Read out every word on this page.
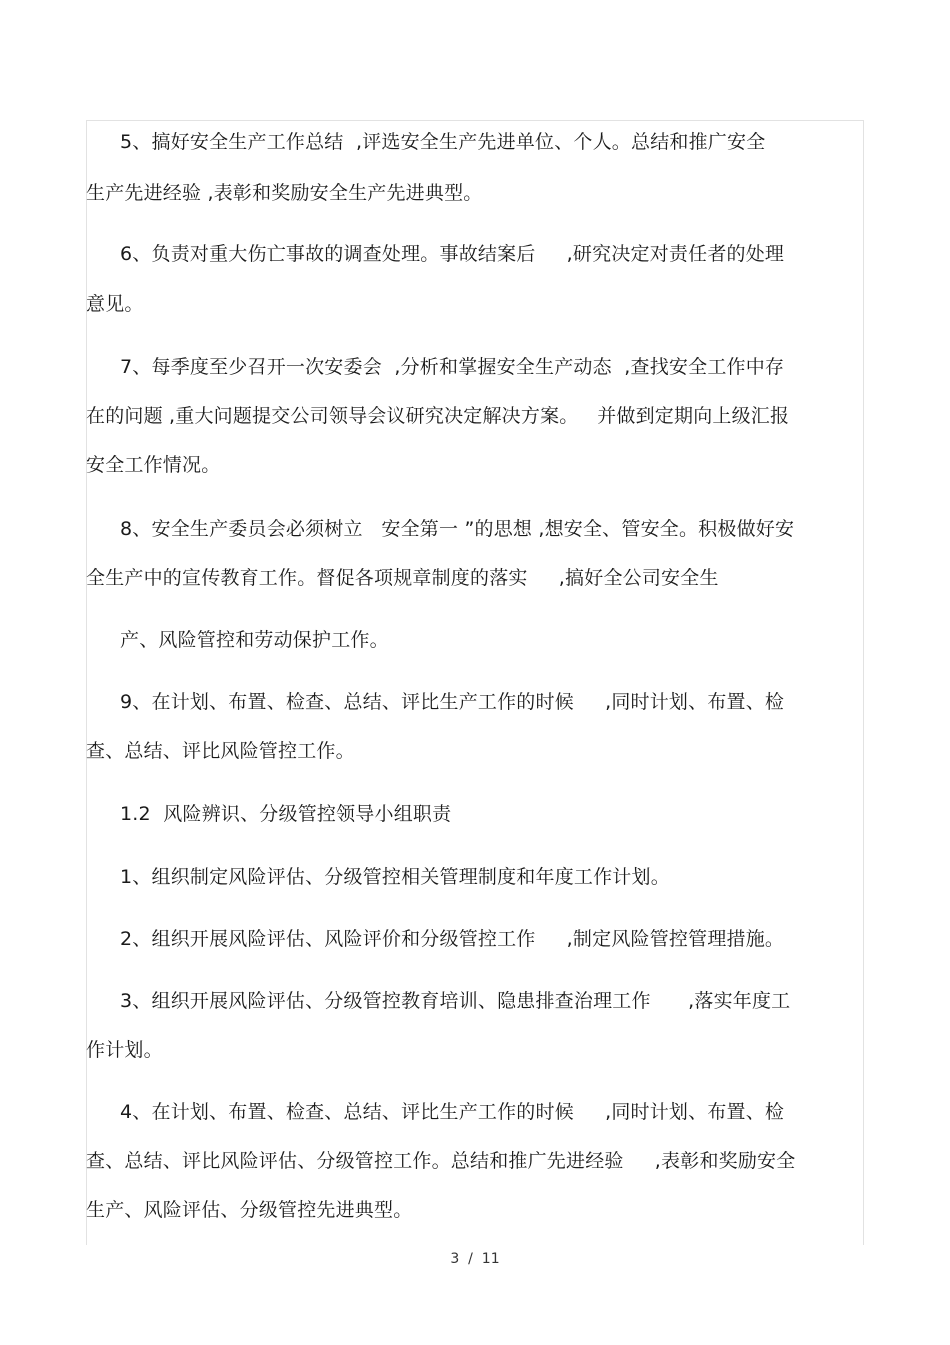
5、搞好安全生产工作总结  ,评选安全生产先进单位、个人。总结和推广安全
生产先进经验 ,表彰和奖励安全生产先进典型。
6、负责对重大伤亡事故的调查处理。事故结案后     ,研究决定对责任者的处理
意见。
7、每季度至少召开一次安委会  ,分析和掌握安全生产动态  ,查找安全工作中存
在的问题 ,重大问题提交公司领导会议研究决定解决方案。   并做到定期向上级汇报
安全工作情况。
8、安全生产委员会必须树立   安全第一 ”的思想 ,想安全、管安全。积极做好安
全生产中的宣传教育工作。督促各项规章制度的落实     ,搞好全公司安全生
产、风险管控和劳动保护工作。
9、在计划、布置、检查、总结、评比生产工作的时候     ,同时计划、布置、检
查、总结、评比风险管控工作。
1.2  风险辨识、分级管控领导小组职责
1、组织制定风险评估、分级管控相关管理制度和年度工作计划。
2、组织开展风险评估、风险评价和分级管控工作     ,制定风险管控管理措施。
3、组织开展风险评估、分级管控教育培训、隐患排查治理工作      ,落实年度工
作计划。
4、在计划、布置、检查、总结、评比生产工作的时候     ,同时计划、布置、检
查、总结、评比风险评估、分级管控工作。总结和推广先进经验     ,表彰和奖励安全
生产、风险评估、分级管控先进典型。
3  /  11
